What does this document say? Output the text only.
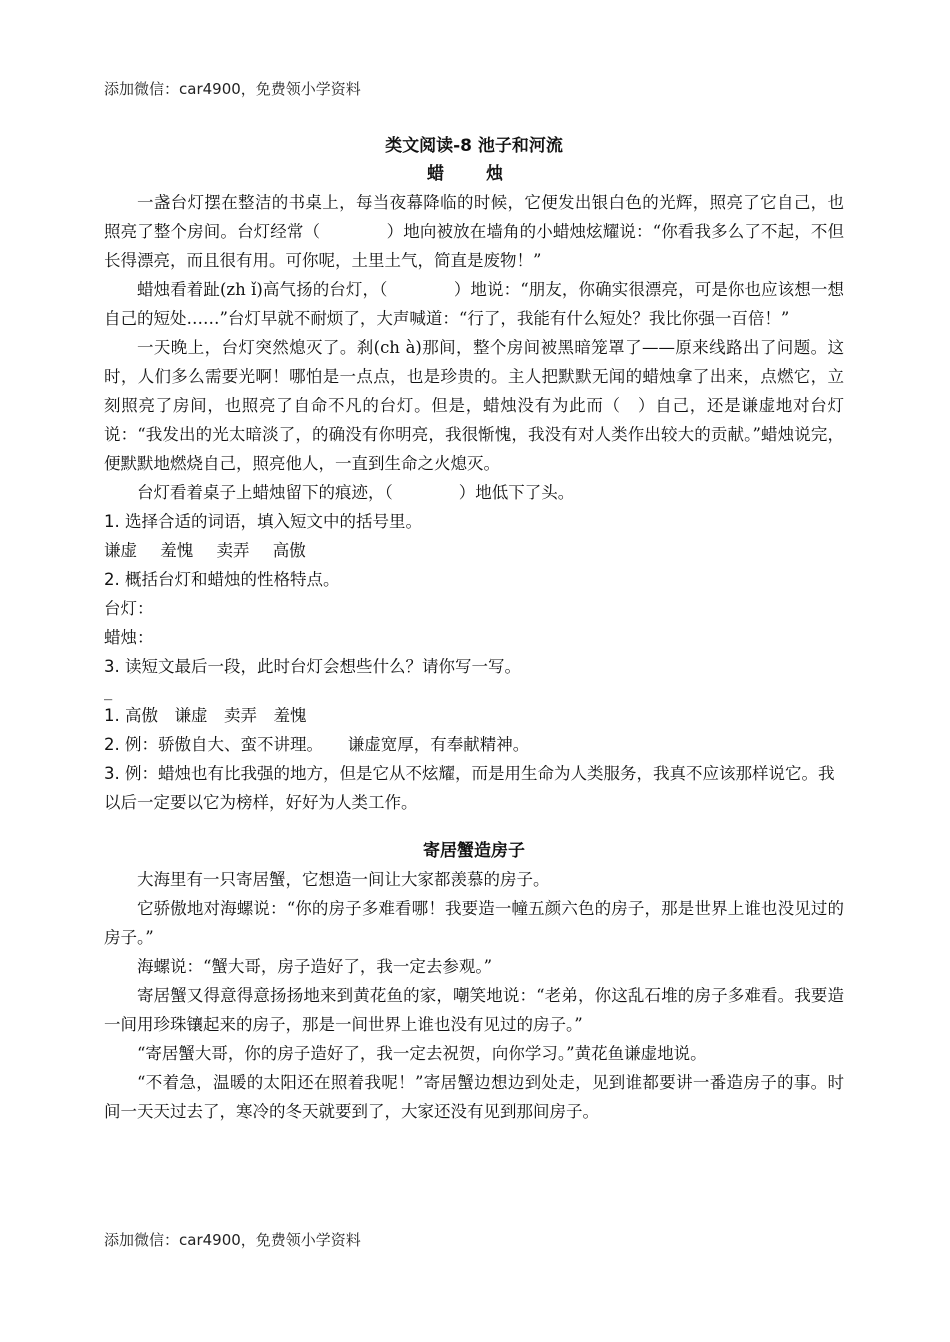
添加微信：car4900，免费领小学资料

类文阅读-8 池子和河流

蜡 烛

一盏台灯摆在整洁的书桌上，每当夜幕降临的时候，它便发出银白色的光辉，照亮了它自己，也照亮了整个房间。台灯经常（　　　　）地向被放在墙角的小蜡烛炫耀说：“你看我多么了不起，不但长得漂亮，而且很有用。可你呢，土里土气，简直是废物！”

蜡烛看着趾(zh ǐ)高气扬的台灯，（　　　　）地说：“朋友，你确实很漂亮，可是你也应该想一想自己的短处……”台灯早就不耐烦了，大声喊道：“行了，我能有什么短处？我比你强一百倍！”

一天晚上，台灯突然熄灭了。刹(ch à)那间，整个房间被黑暗笼罩了——原来线路出了问题。这时，人们多么需要光啊！哪怕是一点点，也是珍贵的。主人把默默无闻的蜡烛拿了出来，点燃它，立刻照亮了房间，也照亮了自命不凡的台灯。但是，蜡烛没有为此而（　）自己，还是谦虚地对台灯说：“我发出的光太暗淡了，的确没有你明亮，我很惭愧，我没有对人类作出较大的贡献。”蜡烛说完，便默默地燃烧自己，照亮他人，一直到生命之火熄灭。

台灯看着桌子上蜡烛留下的痕迹，（　　　　）地低下了头。

1. 选择合适的词语，填入短文中的括号里。

谦虚 羞愧 卖弄 高傲

2. 概括台灯和蜡烛的性格特点。

台灯：

蜡烛：

3. 读短文最后一段，此时台灯会想些什么？请你写一写。

_

1. 高傲　谦虚　卖弄　羞愧

2. 例：骄傲自大、蛮不讲理。　　谦虚宽厚，有奉献精神。

3. 例：蜡烛也有比我强的地方，但是它从不炫耀，而是用生命为人类服务，我真不应该那样说它。我以后一定要以它为榜样，好好为人类工作。

寄居蟹造房子

大海里有一只寄居蟹，它想造一间让大家都羡慕的房子。

它骄傲地对海螺说：“你的房子多难看哪！我要造一幢五颜六色的房子，那是世界上谁也没见过的房子。”

海螺说：“蟹大哥，房子造好了，我一定去参观。”

寄居蟹又得意得意扬扬地来到黄花鱼的家，嘲笑地说：“老弟，你这乱石堆的房子多难看。我要造一间用珍珠镶起来的房子，那是一间世界上谁也没有见过的房子。”

“寄居蟹大哥，你的房子造好了，我一定去祝贺，向你学习。”黄花鱼谦虚地说。

“不着急，温暖的太阳还在照着我呢！”寄居蟹边想边到处走，见到谁都要讲一番造房子的事。时间一天天过去了，寒冷的冬天就要到了，大家还没有见到那间房子。

添加微信：car4900，免费领小学资料
